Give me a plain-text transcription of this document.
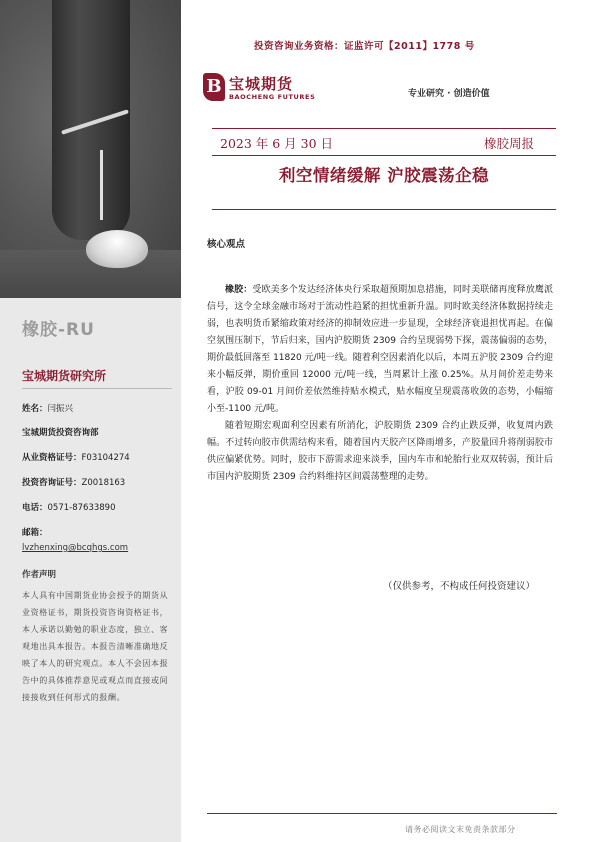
橡胶-RU
宝城期货研究所
姓名：闫振兴
宝城期货投资咨询部
从业资格证号：F03104274
投资咨询证号：Z0018163
电话：0571-87633890
邮箱：
lvzhenxing@bcqhgs.com
作者声明
本人具有中国期货业协会授予的期货从业资格证书，期货投资咨询资格证书，本人承诺以勤勉的职业态度，独立、客观地出具本报告。本报告清晰准确地反映了本人的研究观点。本人不会因本报告中的具体推荐意见或观点而直接或间接接收到任何形式的报酬。
投资咨询业务资格：证监许可【2011】1778 号
B 宝城期货
BAOCHENG FUTURES	专业研究 · 创造价值
2023 年 6 月 30 日	橡胶周报
利空情绪缓解 沪胶震荡企稳
核心观点

橡胶：受欧美多个发达经济体央行采取超预期加息措施，同时美联储再度释放鹰派信号，这令全球金融市场对于流动性趋紧的担忧重新升温。同时欧美经济体数据持续走弱，也表明货币紧缩政策对经济的抑制效应进一步显现，全球经济衰退担忧再起。在偏空氛围压制下，节后归来，国内沪胶期货 2309 合约呈现弱势下探，震荡偏弱的态势，期价最低回落至 11820 元/吨一线。随着利空因素消化以后，本周五沪胶 2309 合约迎来小幅反弹，期价重回 12000 元/吨一线，当周累计上涨 0.25%。从月间价差走势来看，沪胶 09-01 月间价差依然维持贴水模式，贴水幅度呈现震荡收敛的态势，小幅缩小至-1100 元/吨。

随着短期宏观面利空因素有所消化，沪胶期货 2309 合约止跌反弹，收复周内跌幅。不过转向胶市供需结构来看，随着国内天胶产区降雨增多，产胶量回升将削弱胶市供应偏紧优势。同时，胶市下游需求迎来淡季，国内车市和轮胎行业双双转弱，预计后市国内沪胶期货 2309 合约料维持区间震荡整理的走势。

（仅供参考，不构成任何投资建议）
请务必阅读文末免责条款部分
